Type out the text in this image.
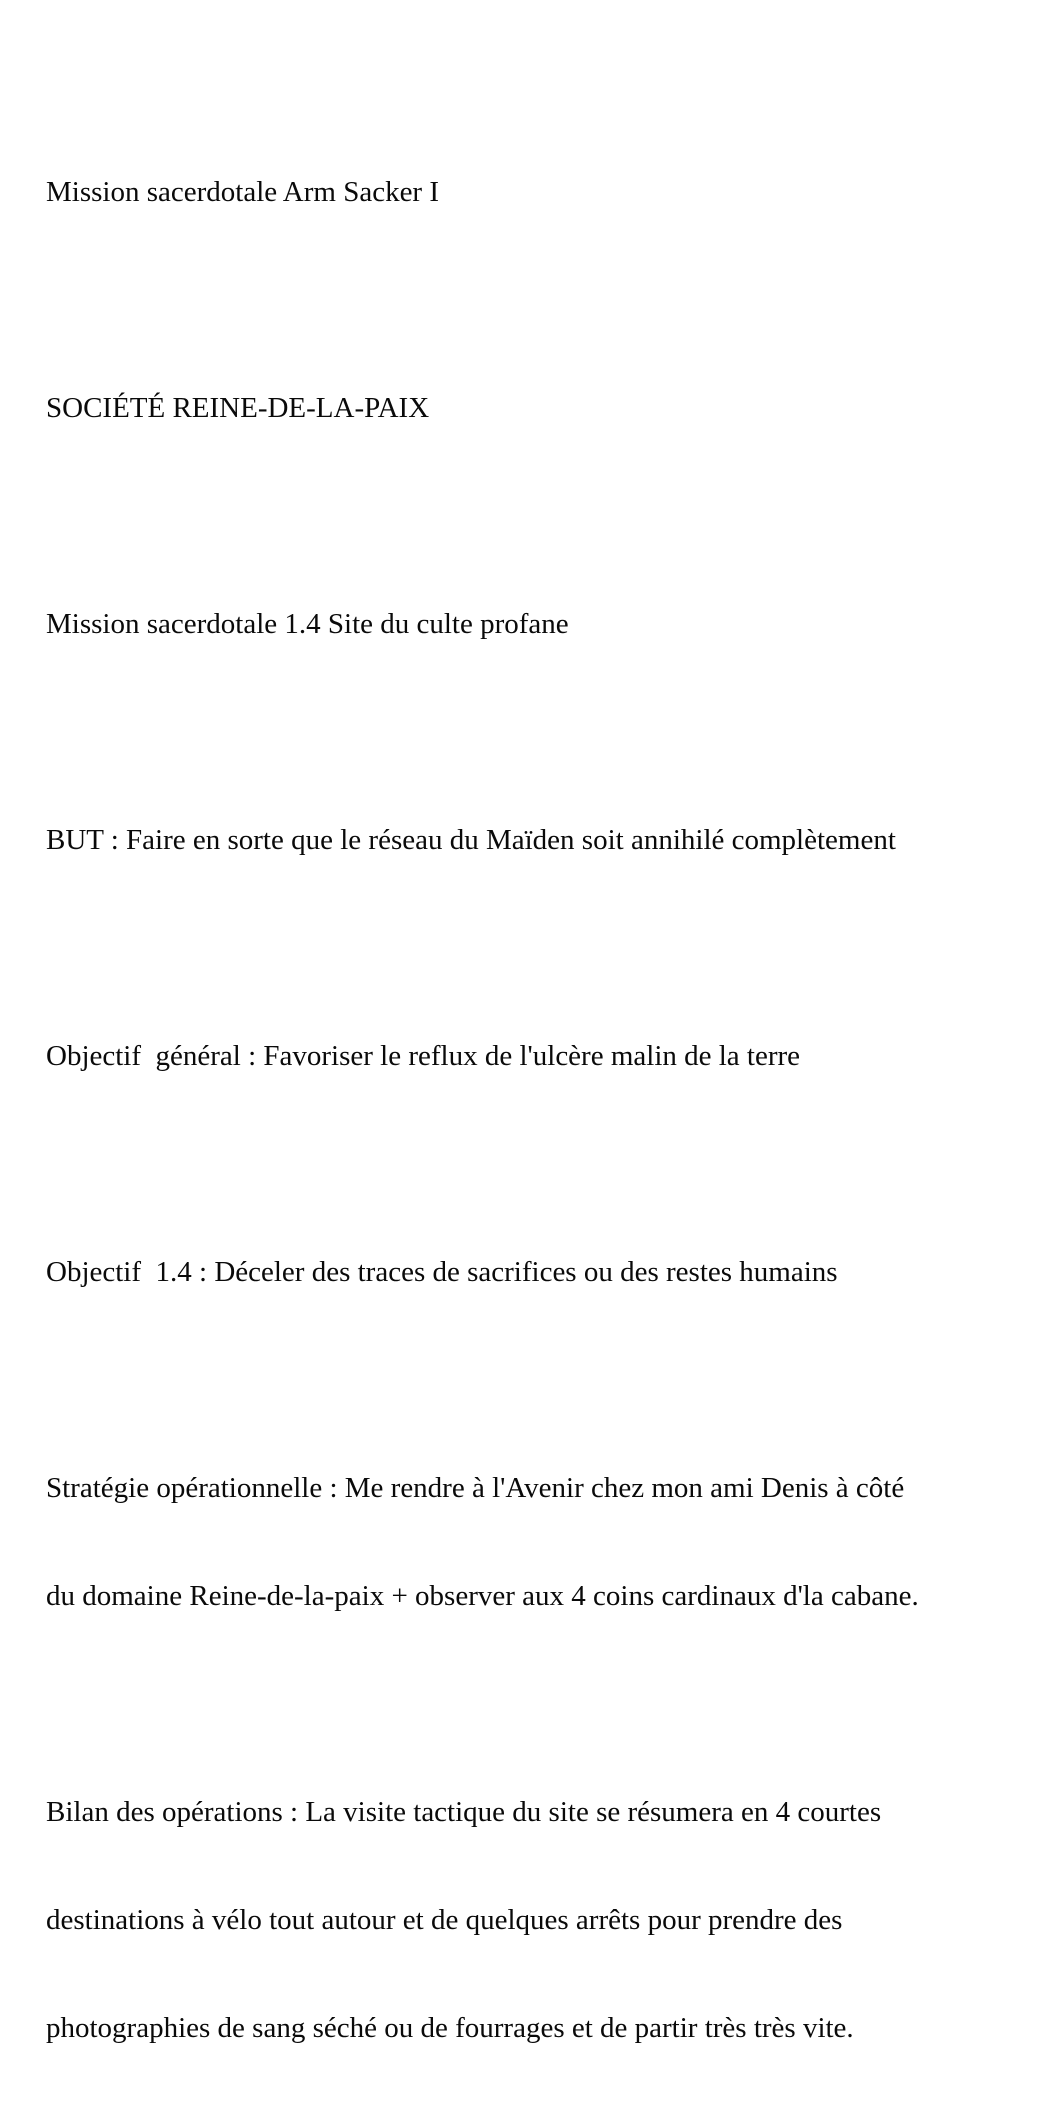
Mission sacerdotale Arm Sacker I

SOCIÉTÉ REINE-DE-LA-PAIX

Mission sacerdotale 1.4 Site du culte profane

BUT : Faire en sorte que le réseau du Maïden soit annihilé complètement

Objectif  général : Favoriser le reflux de l'ulcère malin de la terre

Objectif  1.4 : Déceler des traces de sacrifices ou des restes humains

Stratégie opérationnelle : Me rendre à l'Avenir chez mon ami Denis à côté

du domaine Reine-de-la-paix + observer aux 4 coins cardinaux d'la cabane.

Bilan des opérations : La visite tactique du site se résumera en 4 courtes

destinations à vélo tout autour et de quelques arrêts pour prendre des

photographies de sang séché ou de fourrages et de partir très très vite.
